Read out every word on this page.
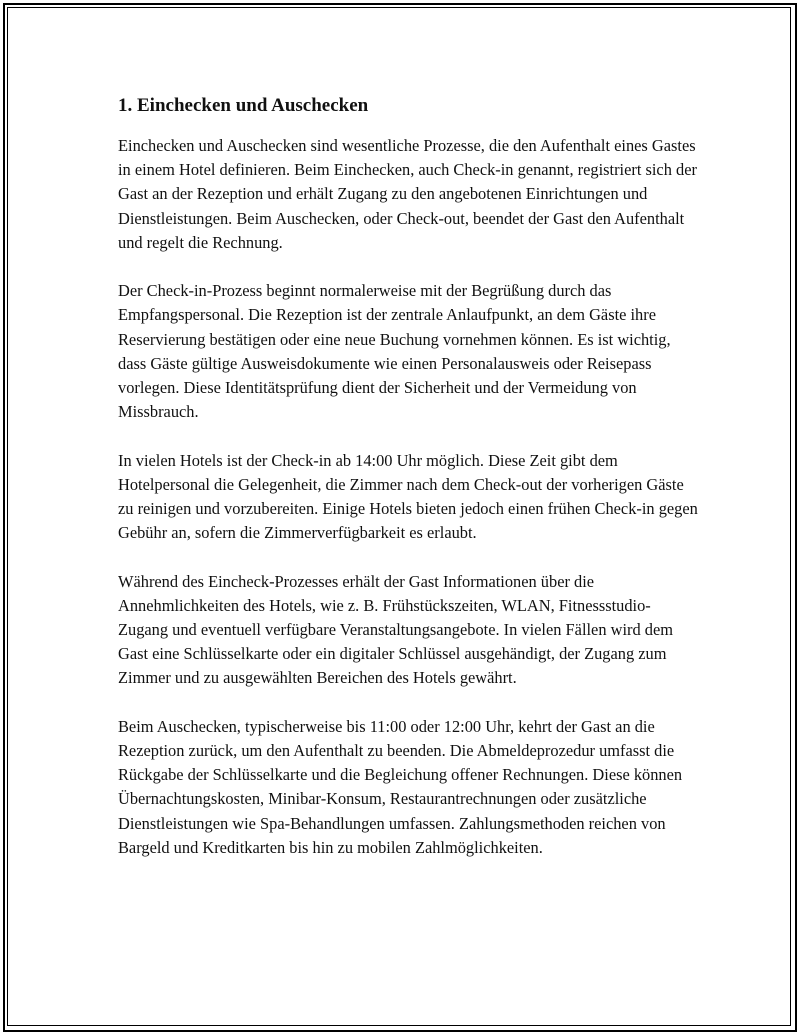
1. Einchecken und Auschecken

Einchecken und Auschecken sind wesentliche Prozesse, die den Aufenthalt eines Gastes in einem Hotel definieren. Beim Einchecken, auch Check-in genannt, registriert sich der Gast an der Rezeption und erhält Zugang zu den angebotenen Einrichtungen und Dienstleistungen. Beim Auschecken, oder Check-out, beendet der Gast den Aufenthalt und regelt die Rechnung.

Der Check-in-Prozess beginnt normalerweise mit der Begrüßung durch das Empfangspersonal. Die Rezeption ist der zentrale Anlaufpunkt, an dem Gäste ihre Reservierung bestätigen oder eine neue Buchung vornehmen können. Es ist wichtig, dass Gäste gültige Ausweisdokumente wie einen Personalausweis oder Reisepass vorlegen. Diese Identitätsprüfung dient der Sicherheit und der Vermeidung von Missbrauch.

In vielen Hotels ist der Check-in ab 14:00 Uhr möglich. Diese Zeit gibt dem Hotelpersonal die Gelegenheit, die Zimmer nach dem Check-out der vorherigen Gäste zu reinigen und vorzubereiten. Einige Hotels bieten jedoch einen frühen Check-in gegen Gebühr an, sofern die Zimmerverfügbarkeit es erlaubt.

Während des Eincheck-Prozesses erhält der Gast Informationen über die Annehmlichkeiten des Hotels, wie z. B. Frühstückszeiten, WLAN, Fitnessstudio-Zugang und eventuell verfügbare Veranstaltungsangebote. In vielen Fällen wird dem Gast eine Schlüsselkarte oder ein digitaler Schlüssel ausgehändigt, der Zugang zum Zimmer und zu ausgewählten Bereichen des Hotels gewährt.

Beim Auschecken, typischerweise bis 11:00 oder 12:00 Uhr, kehrt der Gast an die Rezeption zurück, um den Aufenthalt zu beenden. Die Abmeldeprozedur umfasst die Rückgabe der Schlüsselkarte und die Begleichung offener Rechnungen. Diese können Übernachtungskosten, Minibar-Konsum, Restaurantrechnungen oder zusätzliche Dienstleistungen wie Spa-Behandlungen umfassen. Zahlungsmethoden reichen von Bargeld und Kreditkarten bis hin zu mobilen Zahlmöglichkeiten.
